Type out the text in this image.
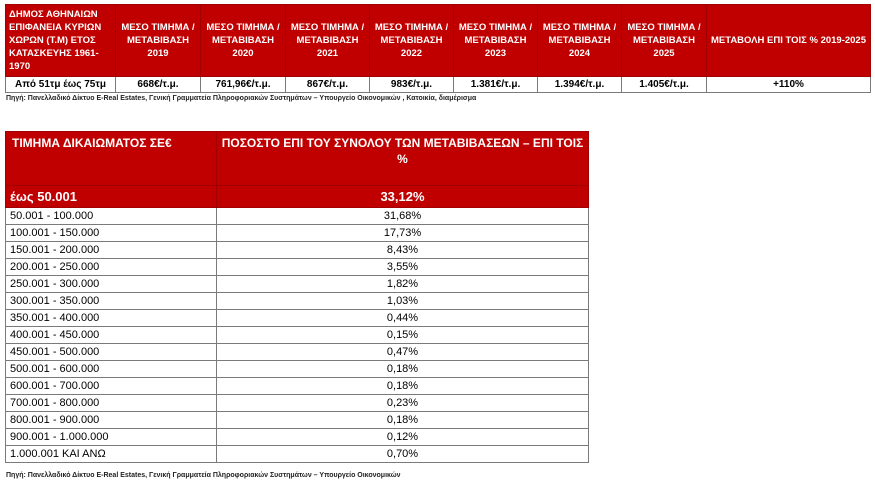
ΔΗΜΟΣ ΑΘΗΝΑΙΩΝ ΕΠΙΦΑΝΕΙΑ ΚΥΡΙΩΝ ΧΩΡΩΝ (Τ.Μ) ΕΤΟΣ ΚΑΤΑΣΚΕΥΗΣ 1961-1970	ΜΕΣΟ ΤΙΜΗΜΑ / ΜΕΤΑΒΙΒΑΣΗ 2019	ΜΕΣΟ ΤΙΜΗΜΑ / ΜΕΤΑΒΙΒΑΣΗ 2020	ΜΕΣΟ ΤΙΜΗΜΑ / ΜΕΤΑΒΙΒΑΣΗ 2021	ΜΕΣΟ ΤΙΜΗΜΑ / ΜΕΤΑΒΙΒΑΣΗ 2022	ΜΕΣΟ ΤΙΜΗΜΑ / ΜΕΤΑΒΙΒΑΣΗ 2023	ΜΕΣΟ ΤΙΜΗΜΑ / ΜΕΤΑΒΙΒΑΣΗ 2024	ΜΕΣΟ ΤΙΜΗΜΑ / ΜΕΤΑΒΙΒΑΣΗ 2025	ΜΕΤΑΒΟΛΗ ΕΠΙ ΤΟΙΣ % 2019-2025
Από 51τμ έως 75τμ	668€/τ.μ.	761,96€/τ.μ.	867€/τ.μ.	983€/τ.μ.	1.381€/τ.μ.	1.394€/τ.μ.	1.405€/τ.μ.	+110%
Πηγή: Πανελλαδικό Δίκτυο E-Real Estates, Γενική Γραμματεία Πληροφοριακών Συστημάτων – Υπουργείο Οικονομικών , Κατοικία, διαμέρισμα
ΤΙΜΗΜΑ ΔΙΚΑΙΩΜΑΤΟΣ ΣΕ€	ΠΟΣΟΣΤΟ ΕΠΙ ΤΟΥ ΣΥΝΟΛΟΥ ΤΩΝ ΜΕΤΑΒΙΒΑΣΕΩΝ – ΕΠΙ ΤΟΙΣ %
έως 50.001	33,12%
50.001 - 100.000	31,68%
100.001 - 150.000	17,73%
150.001 - 200.000	8,43%
200.001 - 250.000	3,55%
250.001 - 300.000	1,82%
300.001 - 350.000	1,03%
350.001 - 400.000	0,44%
400.001 - 450.000	0,15%
450.001 - 500.000	0,47%
500.001 - 600.000	0,18%
600.001 - 700.000	0,18%
700.001 - 800.000	0,23%
800.001 - 900.000	0,18%
900.001 - 1.000.000	0,12%
1.000.001 ΚΑΙ ΑΝΩ	0,70%
Πηγή: Πανελλαδικό Δίκτυο E-Real Estates, Γενική Γραμματεία Πληροφοριακών Συστημάτων – Υπουργείο Οικονομικών
